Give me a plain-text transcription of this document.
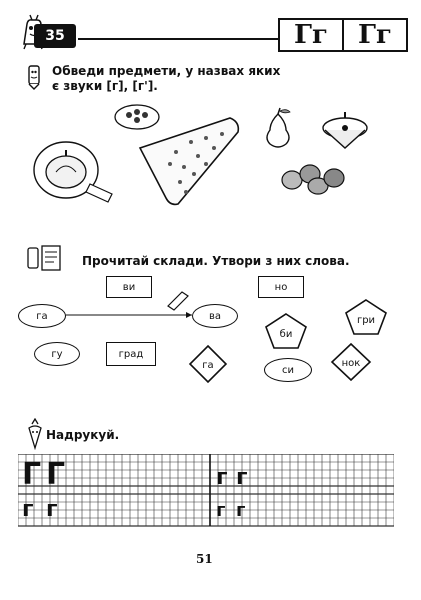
35	Гг Гг
Обведи предмети, у назвах яких
є звуки [г], [г'].
Прочитай склади. Утвори з них слова.
ви	но
га	ва
би
гри
гу	град
га	си
нок
Надрукуй.
Г Г	г г
г г	г г
51
